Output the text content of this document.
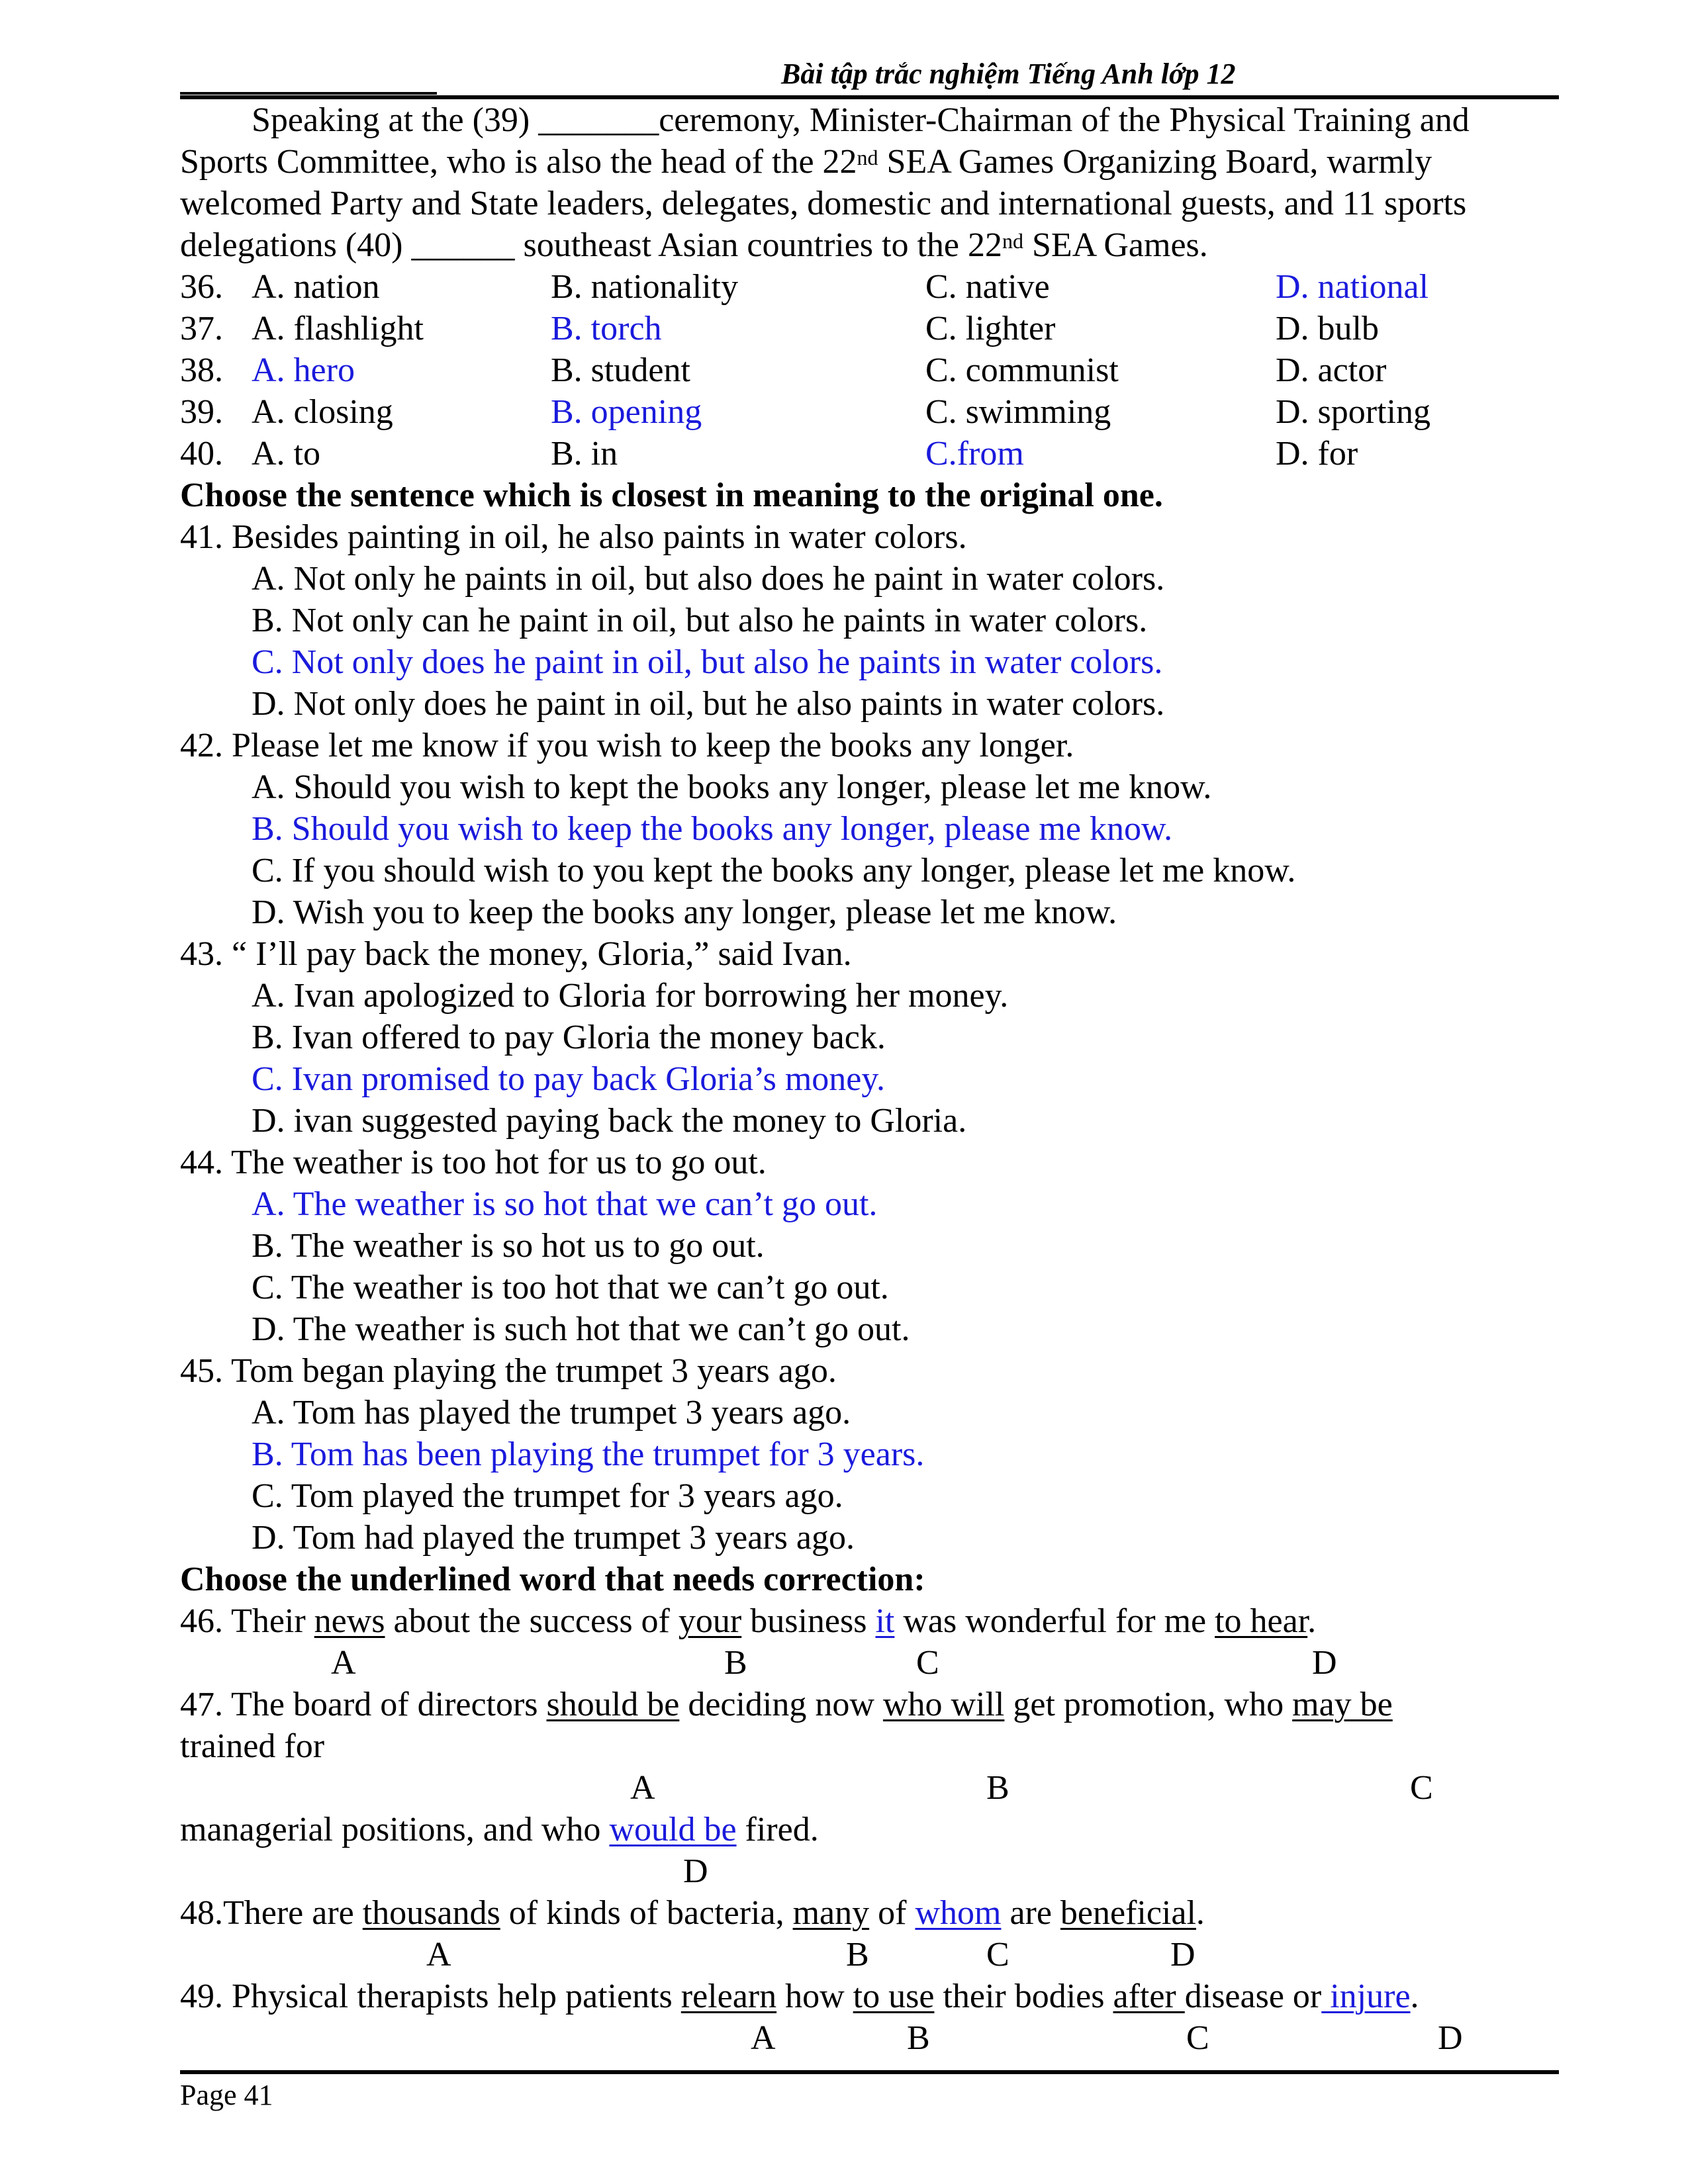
Bài tập trắc nghiệm Tiếng Anh lớp 12
Speaking at the (39) _______ceremony, Minister-Chairman of the Physical Training and
Sports Committee, who is also the head of the 22nd SEA Games Organizing Board, warmly
welcomed Party and State leaders, delegates, domestic and international guests, and 11 sports
delegations (40) ______ southeast Asian countries to the 22nd SEA Games.
36. A. nation	B. nationality	C. native	D. national
37. A. flashlight	B. torch	C. lighter	D. bulb
38. A. hero	B. student	C. communist	D. actor
39. A. closing	B. opening	C. swimming	D. sporting
40. A. to	B. in	C.from	D. for
Choose the sentence which is closest in meaning to the original one.
41. Besides painting in oil, he also paints in water colors.
A. Not only he paints in oil, but also does he paint in water colors.
B. Not only can he paint in oil, but also he paints in water colors.
C. Not only does he paint in oil, but also he paints in water colors.
D. Not only does he paint in oil, but he also paints in water colors.
42. Please let me know if you wish to keep the books any longer.
A. Should you wish to kept the books any longer, please let me know.
B. Should you wish to keep the books any longer, please me know.
C. If you should wish to you kept the books any longer, please let me know.
D. Wish you to keep the books any longer, please let me know.
43. “ I’ll pay back the money, Gloria,” said Ivan.
A. Ivan apologized to Gloria for borrowing her money.
B. Ivan offered to pay Gloria the money back.
C. Ivan promised to pay back Gloria’s money.
D. ivan suggested paying back the money to Gloria.
44. The weather is too hot for us to go out.
A. The weather is so hot that we can’t go out.
B. The weather is so hot us to go out.
C. The weather is too hot that we can’t go out.
D. The weather is such hot that we can’t go out.
45. Tom began playing the trumpet 3 years ago.
A. Tom has played the trumpet 3 years ago.
B. Tom has been playing the trumpet for 3 years.
C. Tom played the trumpet for 3 years ago.
D. Tom had played the trumpet 3 years ago.
Choose the underlined word that needs correction:
46. Their news about the success of your business it was wonderful for me to hear.
A	B	C	D
47. The board of directors should be deciding now who will get promotion, who may be
trained for
A	B	C
managerial positions, and who would be fired.
D
48.There are thousands of kinds of bacteria, many of whom are beneficial.
A	B	C	D
49. Physical therapists help patients relearn how to use their bodies after disease or injure.
A	B	C	D
Page 41
